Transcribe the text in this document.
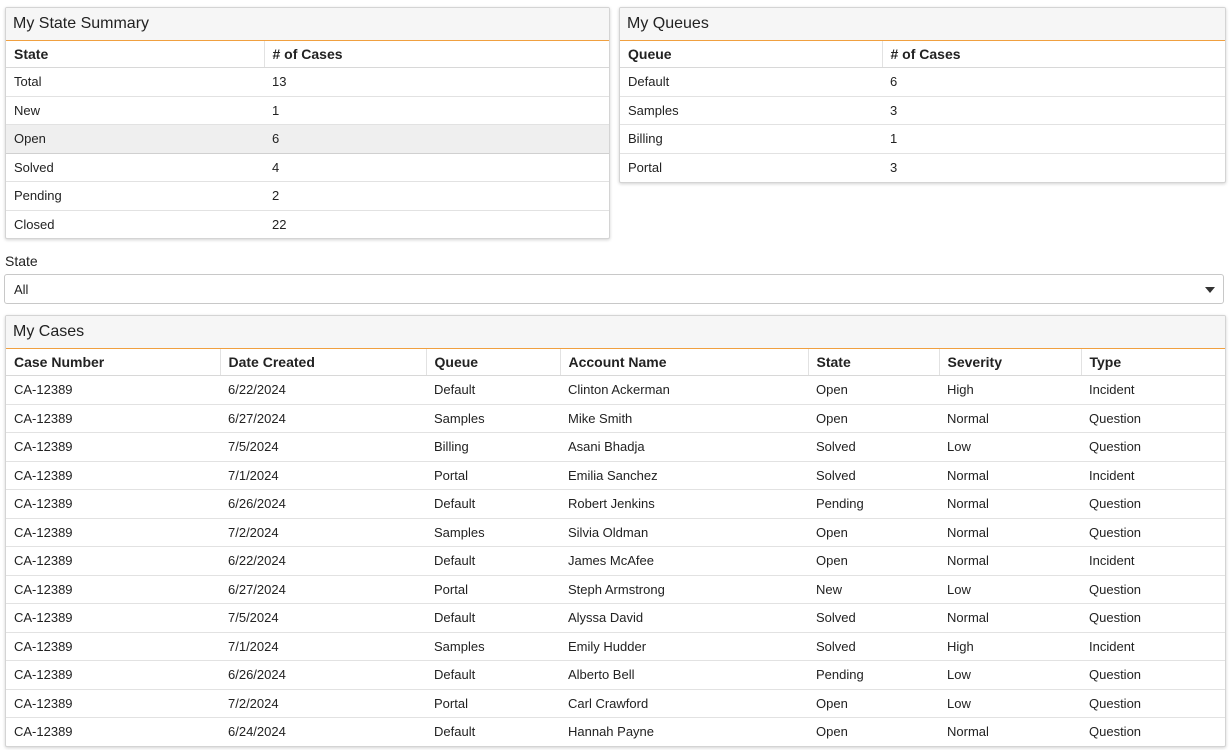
My State Summary
State	# of Cases
Total	13
New	1
Open	6
Solved	4
Pending	2
Closed	22
My Queues
Queue	# of Cases
Default	6
Samples	3
Billing	1
Portal	3
State
All
My Cases
Case Number	Date Created	Queue	Account Name	State	Severity	Type
CA-12389	6/22/2024	Default	Clinton Ackerman	Open	High	Incident
CA-12389	6/27/2024	Samples	Mike Smith	Open	Normal	Question
CA-12389	7/5/2024	Billing	Asani Bhadja	Solved	Low	Question
CA-12389	7/1/2024	Portal	Emilia Sanchez	Solved	Normal	Incident
CA-12389	6/26/2024	Default	Robert Jenkins	Pending	Normal	Question
CA-12389	7/2/2024	Samples	Silvia Oldman	Open	Normal	Question
CA-12389	6/22/2024	Default	James McAfee	Open	Normal	Incident
CA-12389	6/27/2024	Portal	Steph Armstrong	New	Low	Question
CA-12389	7/5/2024	Default	Alyssa David	Solved	Normal	Question
CA-12389	7/1/2024	Samples	Emily Hudder	Solved	High	Incident
CA-12389	6/26/2024	Default	Alberto Bell	Pending	Low	Question
CA-12389	7/2/2024	Portal	Carl Crawford	Open	Low	Question
CA-12389	6/24/2024	Default	Hannah Payne	Open	Normal	Question
